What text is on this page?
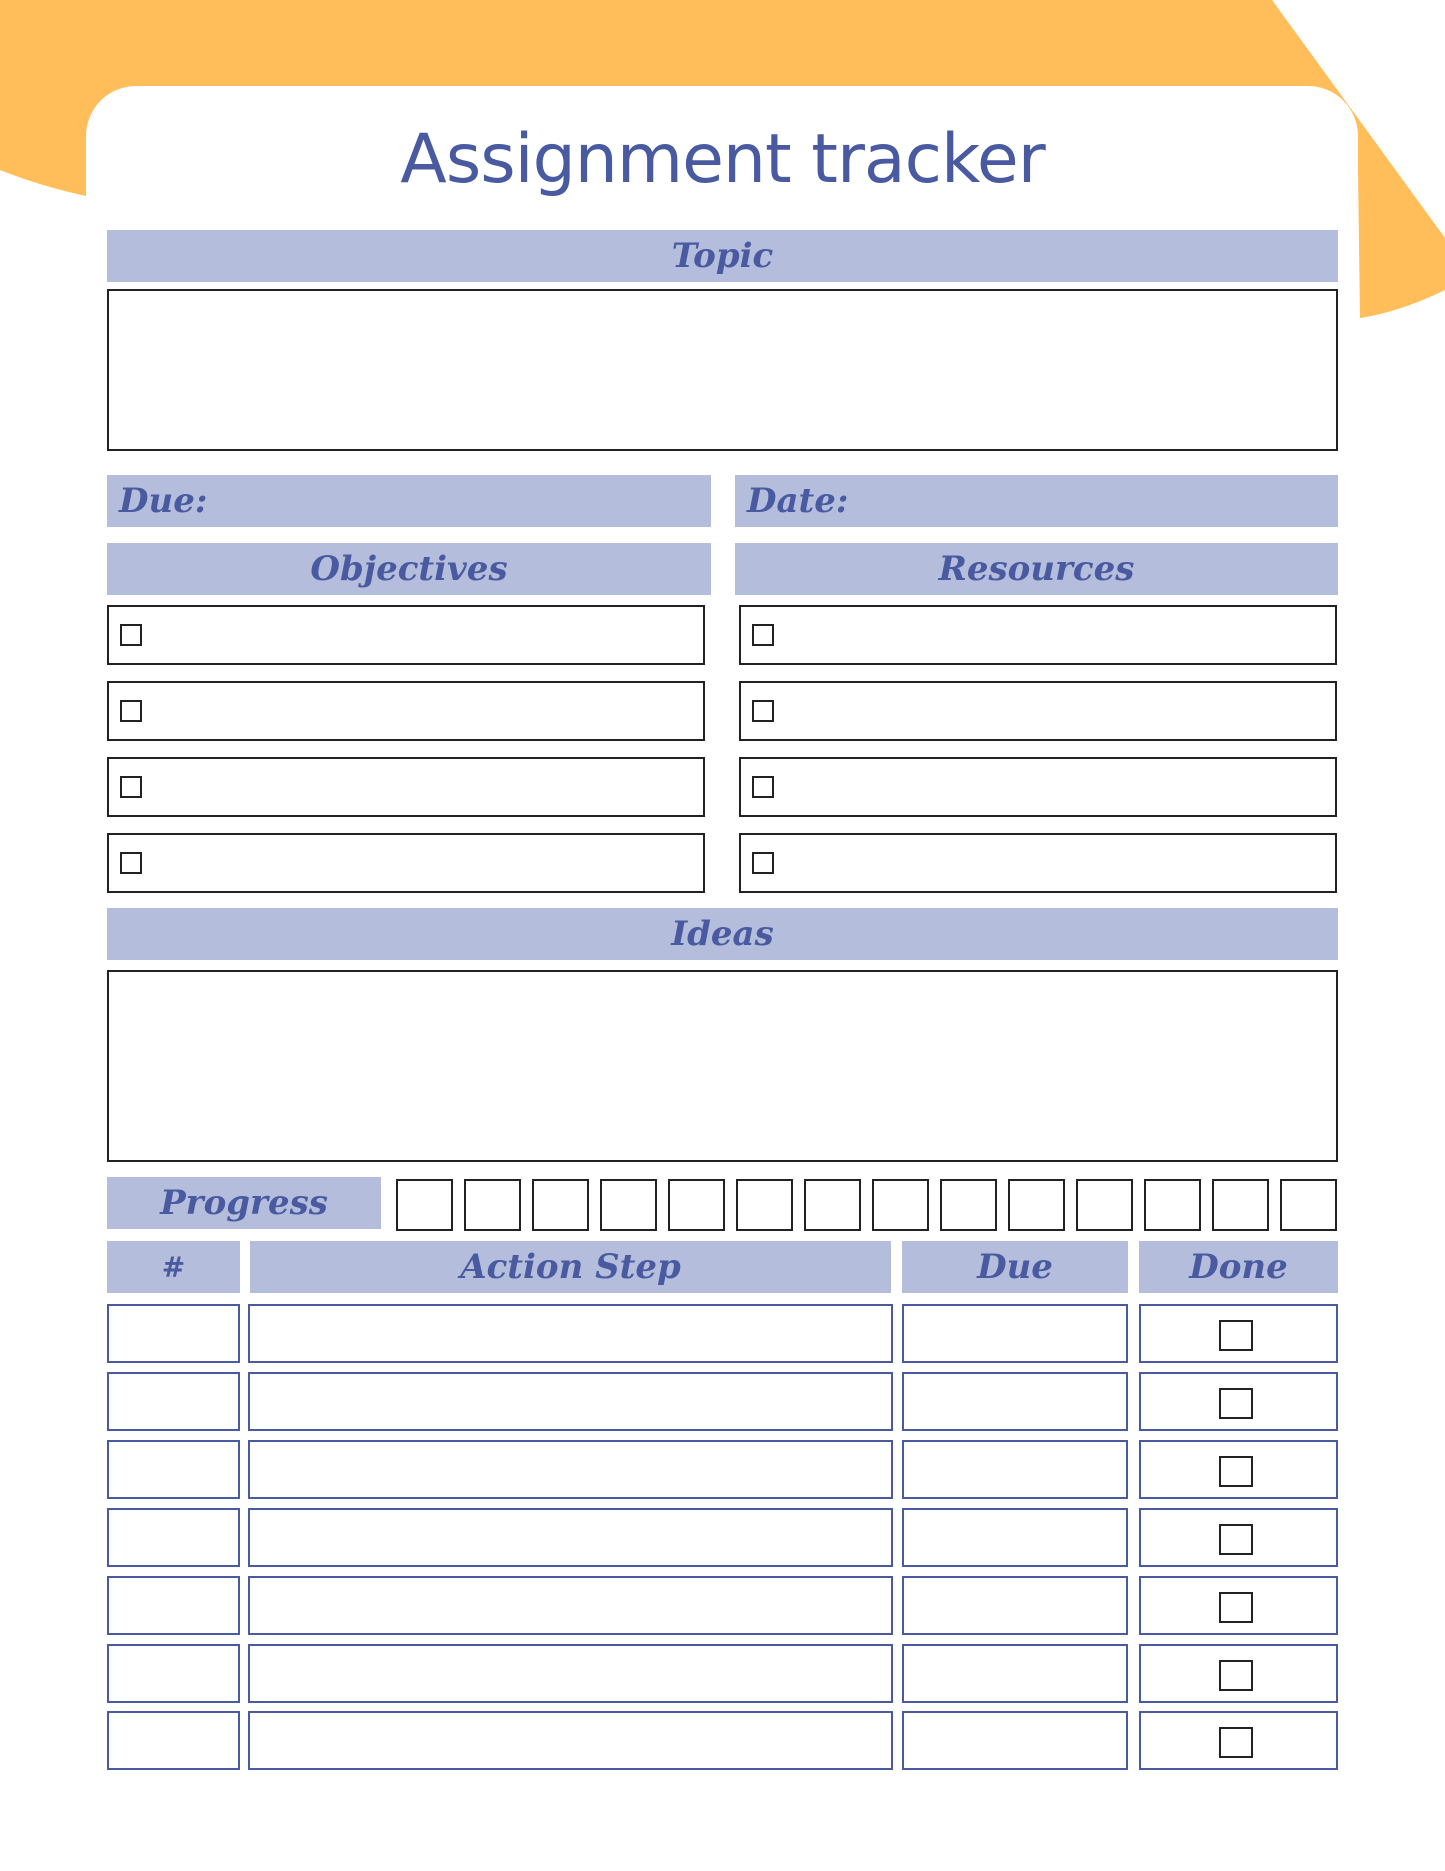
Assignment tracker
Topic
Due:	Date:
Objectives	Resources
Ideas
Progress
#	Action Step	Due	Done
